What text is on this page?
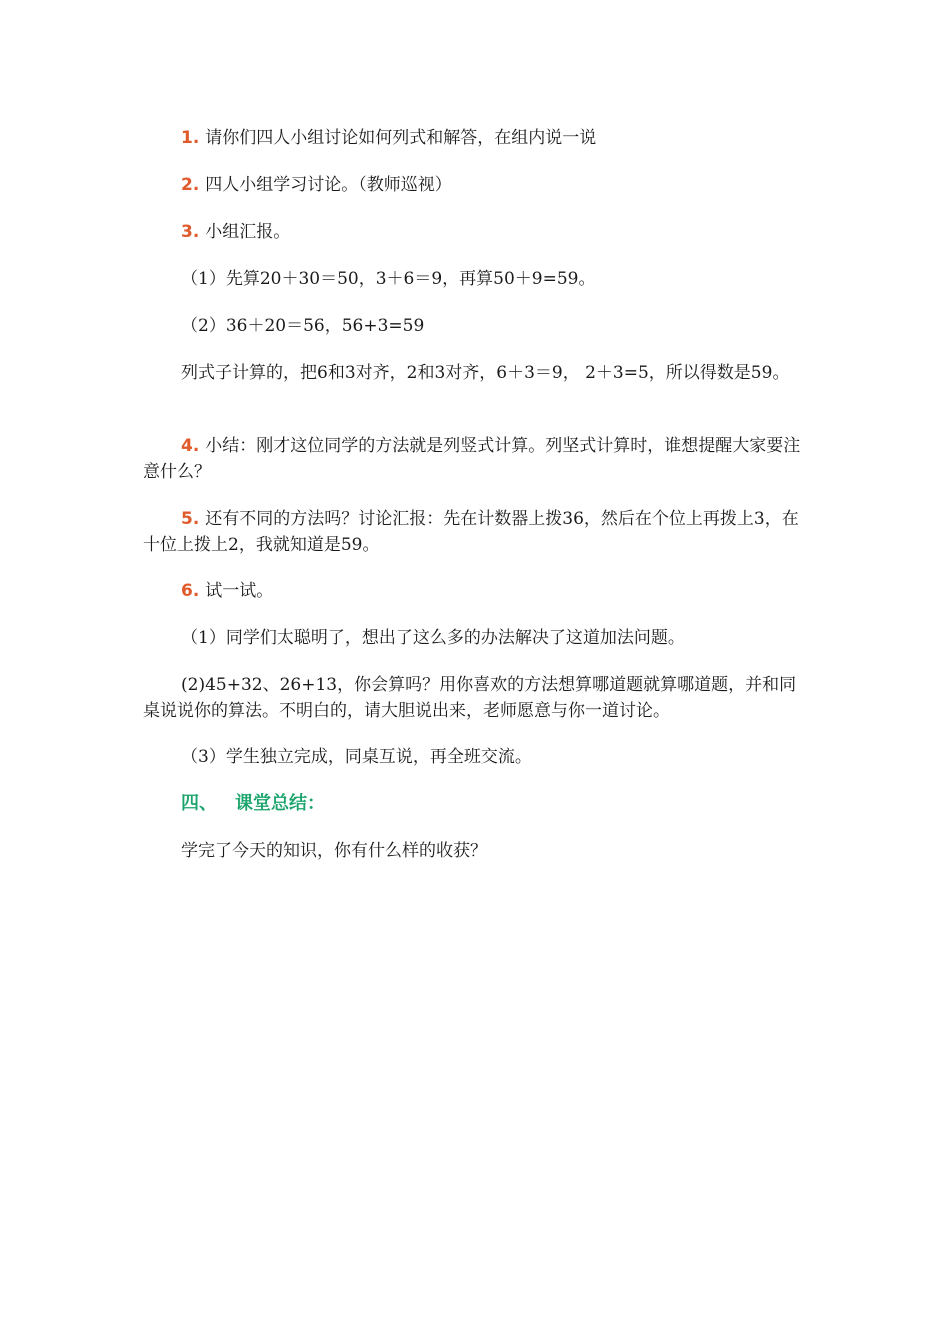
1. 请你们四人小组讨论如何列式和解答，在组内说一说
2. 四人小组学习讨论。（教师巡视）
3. 小组汇报。
（1）先算20＋30＝50，3＋6＝9，再算50＋9=59。
（2）36＋20＝56，56+3=59
列式子计算的，把6和3对齐，2和3对齐，6＋3＝9， 2＋3=5，所以得数是59。
4. 小结：刚才这位同学的方法就是列竖式计算。列坚式计算时，谁想提醒大家要注意什么？
5. 还有不同的方法吗？讨论汇报：先在计数器上拨36，然后在个位上再拨上3，在十位上拨上2，我就知道是59。
6. 试一试。
（1）同学们太聪明了，想出了这么多的办法解决了这道加法问题。
(2)45+32、26+13，你会算吗？用你喜欢的方法想算哪道题就算哪道题，并和同桌说说你的算法。不明白的，请大胆说出来，老师愿意与你一道讨论。
（3）学生独立完成，同桌互说，再全班交流。
四、 课堂总结：
学完了今天的知识，你有什么样的收获？
